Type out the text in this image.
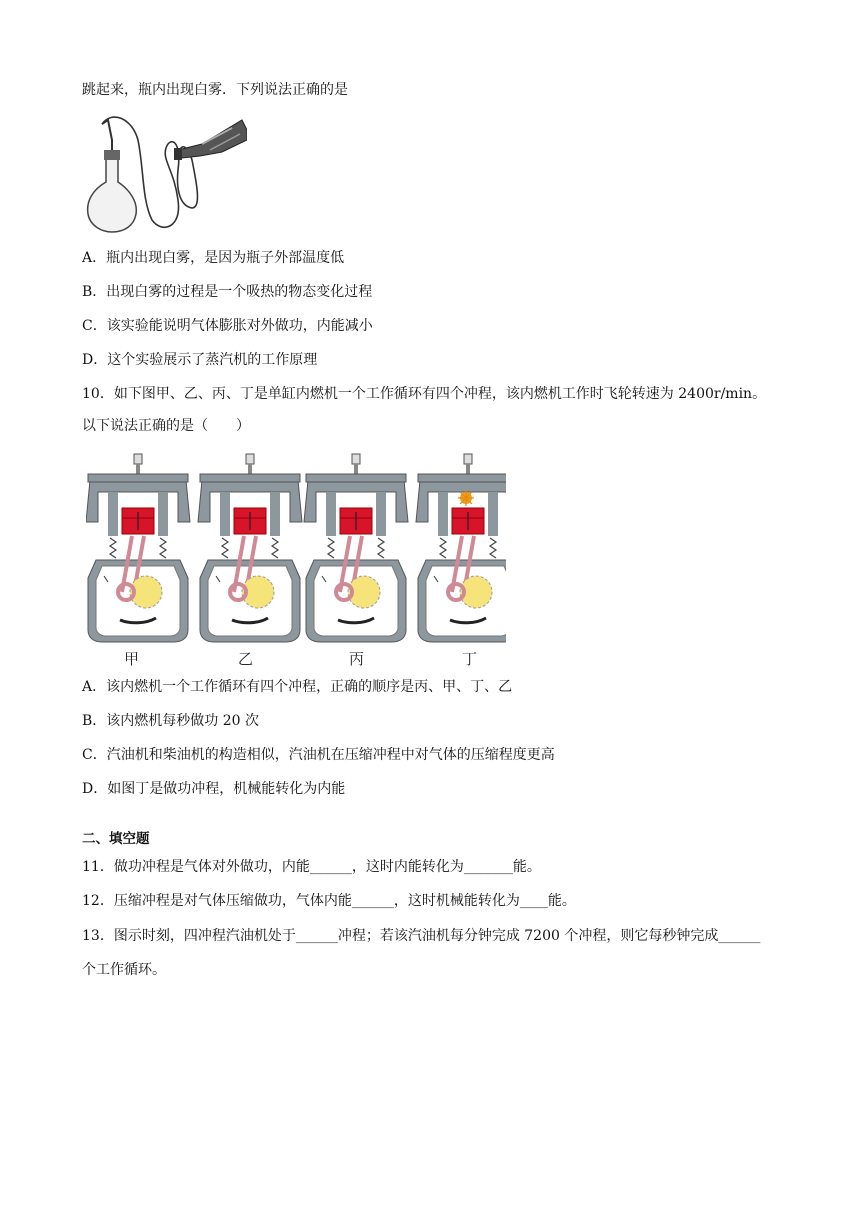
跳起来，瓶内出现白雾．下列说法正确的是
A．瓶内出现白雾，是因为瓶子外部温度低
B．出现白雾的过程是一个吸热的物态变化过程
C．该实验能说明气体膨胀对外做功，内能减小
D．这个实验展示了蒸汽机的工作原理
10．如下图甲、乙、丙、丁是单缸内燃机一个工作循环有四个冲程，该内燃机工作时飞轮转速为 2400r/min。
以下说法正确的是（　　）
甲	乙	丙	丁
A．该内燃机一个工作循环有四个冲程，正确的顺序是丙、甲、丁、乙
B．该内燃机每秒做功 20 次
C．汽油机和柴油机的构造相似，汽油机在压缩冲程中对气体的压缩程度更高
D．如图丁是做功冲程，机械能转化为内能
二、填空题
11．做功冲程是气体对外做功，内能______，这时内能转化为_______能。
12．压缩冲程是对气体压缩做功，气体内能______，这时机械能转化为____能。
13．图示时刻，四冲程汽油机处于______冲程；若该汽油机每分钟完成 7200 个冲程，则它每秒钟完成______
个工作循环。
